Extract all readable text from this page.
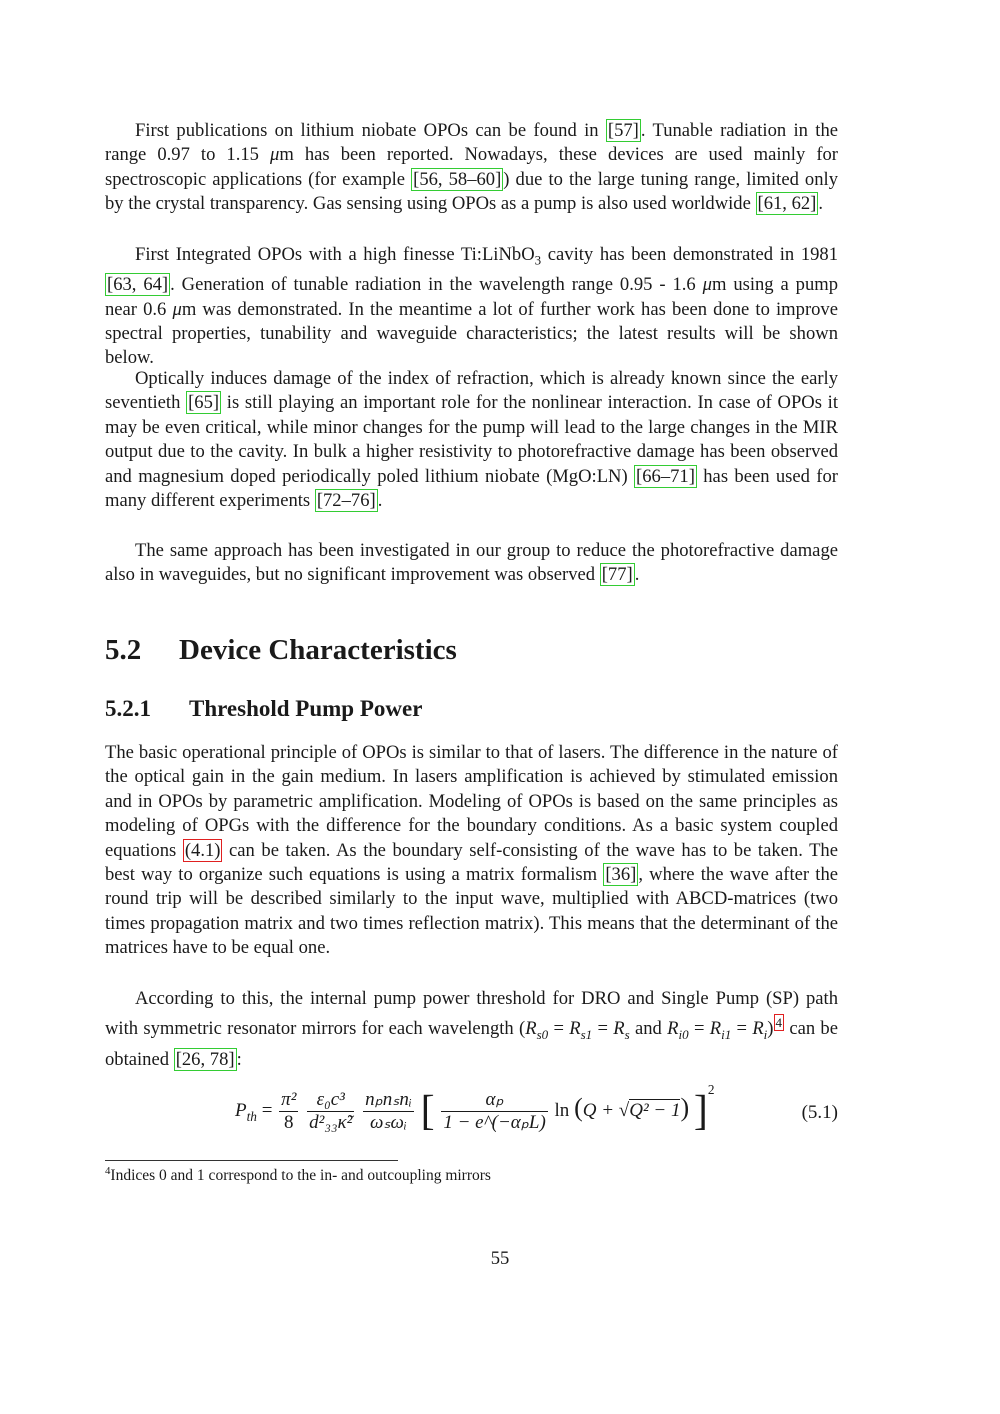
First publications on lithium niobate OPOs can be found in [57] . Tunable radiation in the range 0.97 to 1.15 μm has been reported. Nowadays, these devices are used mainly for spectroscopic applications (for example [56, 58–60] ) due to the large tuning range, limited only by the crystal transparency. Gas sensing using OPOs as a pump is also used worldwide [61, 62] .

First Integrated OPOs with a high finesse Ti:LiNbO$_3$ cavity has been demonstrated in 1981 [63, 64] . Generation of tunable radiation in the wavelength range 0.95 - 1.6 μm using a pump near 0.6 μm was demonstrated. In the meantime a lot of further work has been done to improve spectral properties, tunability and waveguide characteristics; the latest results will be shown below.

Optically induces damage of the index of refraction, which is already known since the early seventieth [65] is still playing an important role for the nonlinear interaction. In case of OPOs it may be even critical, while minor changes for the pump will lead to the large changes in the MIR output due to the cavity. In bulk a higher resistivity to photorefractive damage has been observed and magnesium doped periodically poled lithium niobate (MgO:LN) [66–71] has been used for many different experiments [72–76] .

The same approach has been investigated in our group to reduce the photorefractive damage also in waveguides, but no significant improvement was observed [77] .

5.2 Device Characteristics
5.2.1 Threshold Pump Power

The basic operational principle of OPOs is similar to that of lasers. The difference in the nature of the optical gain in the gain medium. In lasers amplification is achieved by stimulated emission and in OPOs by parametric amplification. Modeling of OPOs is based on the same principles as modeling of OPGs with the difference for the boundary conditions. As a basic system coupled equations (4.1) can be taken. As the boundary self-consisting of the wave has to be taken. The best way to organize such equations is using a matrix formalism [36] , where the wave after the round trip will be described similarly to the input wave, multiplied with ABCD-matrices (two times propagation matrix and two times reflection matrix). This means that the determinant of the matrices have to be equal one.

According to this, the internal pump power threshold for DRO and Single Pump (SP) path with symmetric resonator mirrors for each wavelength ($R_{s0} = R_{s1} = R_s$ and $R_{i0} = R_{i1} = R_i$) $^4$ can be obtained [26, 78] :

$P_{th} = \frac{\text{π²}}{8}$
$\frac{\text{ε₀c³}}{\text{d²₃₃κ̃²}}$
$\frac{\text{nₚnₛnᵢ}}{\text{ωₛωᵢ}}$ [ $\frac{\text{αₚ}}{\text{1 − e\textasciicircum{}(−αₚL)}}$ ln (Q + √Q² − 1) ]$^2$
(5.1)

$^4$Indices 0 and 1 correspond to the in- and outcoupling mirrors

55
